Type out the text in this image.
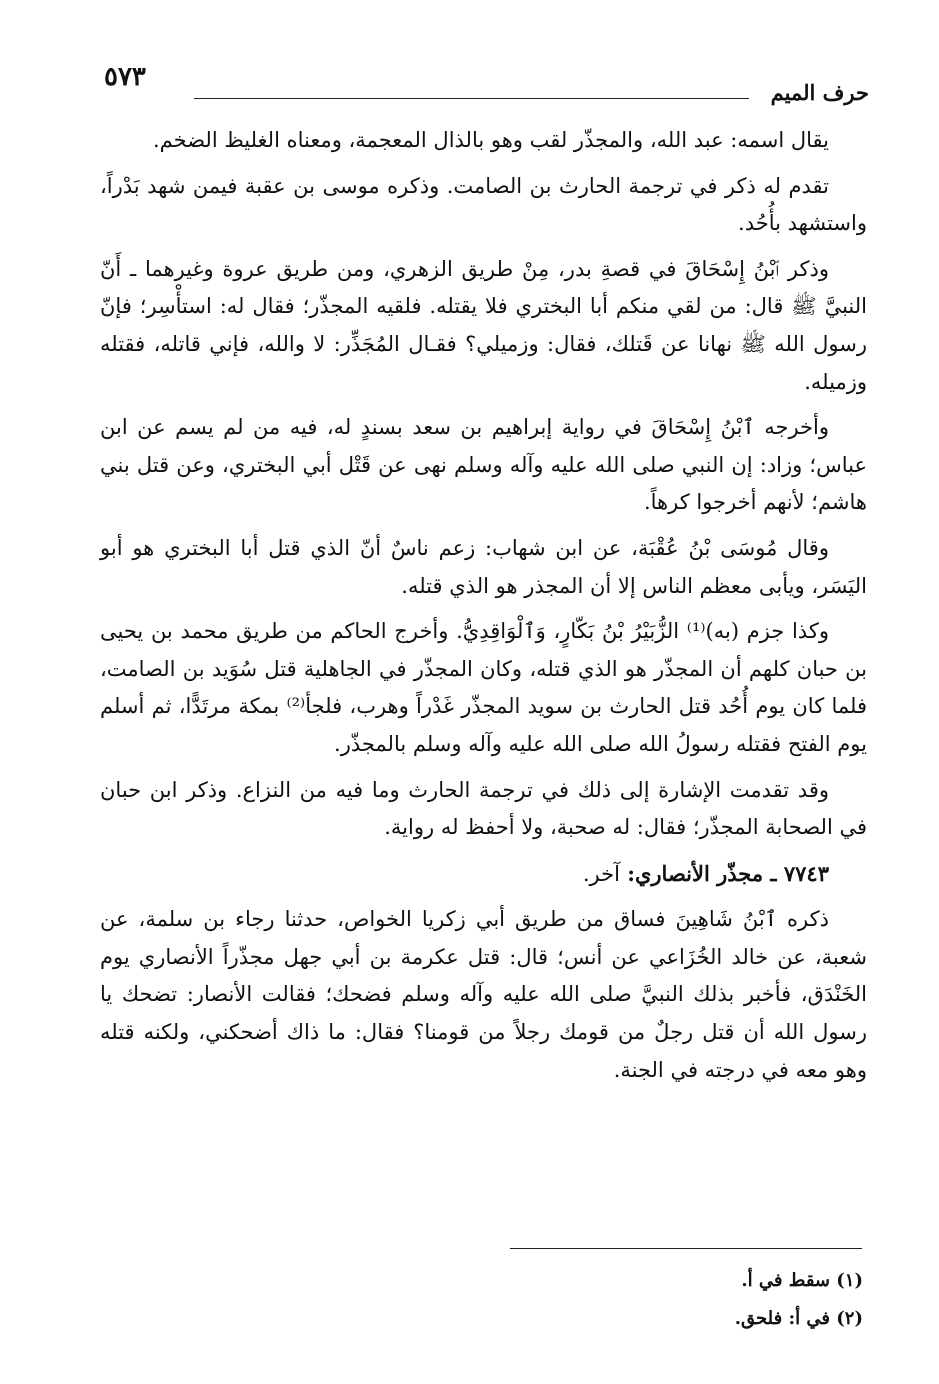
حرف الميم
٥٧٣

يقال اسمه: عبد الله، والمجذّر لقب وهو بالذال المعجمة، ومعناه الغليظ الضخم.

تقدم له ذكر في ترجمة الحارث بن الصامت. وذكره موسى بن عقبة فيمن شهد بَدْراً، واستشهد بأُحُد.

وذكر ٱبْنُ إِسْحَاقَ في قصةِ بدر، مِنْ طريق الزهري، ومن طريق عروة وغيرهما ـ أَنّ النبيَّ ﷺ قال: من لقي منكم أبا البختري فلا يقتله. فلقيه المجذّر؛ فقال له: استأْسِر؛ فإنّ رسول الله ﷺ نهانا عن قَتلك، فقال: وزميلي؟ فقـال المُجَذِّر: لا والله، فإني قاتله، فقتله وزميله.

وأخرجه ٱبْنُ إِسْحَاقَ في رواية إبراهيم بن سعد بسندٍ له، فيه من لم يسم عن ابن عباس؛ وزاد: إن النبي صلى الله عليه وآله وسلم نهى عن قَتْل أبي البختري، وعن قتل بني هاشم؛ لأنهم أخرجوا كرهاً.

وقال مُوسَى بْنُ عُقْبَة، عن ابن شهاب: زعم ناسٌ أنّ الذي قتل أبا البختري هو أبو اليَسَر، ويأبى معظم الناس إلا أن المجذر هو الذي قتله.

وكذا جزم (به)⁽¹⁾ الزُّبَيْرُ بْنُ بَكّارٍ، وَٱلْوَاقِدِيُّ. وأخرج الحاكم من طريق محمد بن يحيى بن حبان كلهم أن المجذّر هو الذي قتله، وكان المجذّر في الجاهلية قتل سُوَيد بن الصامت، فلما كان يوم أُحُد قتل الحارث بن سويد المجذّر غَدْراً وهرب، فلجأ⁽²⁾ بمكة مرتَدًّا، ثم أسلم يوم الفتح فقتله رسولُ الله صلى الله عليه وآله وسلم بالمجذّر.

وقد تقدمت الإشارة إلى ذلك في ترجمة الحارث وما فيه من النزاع. وذكر ابن حبان في الصحابة المجذّر؛ فقال: له صحبة، ولا أحفظ له رواية.

٧٧٤٣ ـ مجذّر الأنصاري: آخر.

ذكره ٱبْنُ شَاهِينَ فساق من طريق أبي زكريا الخواص، حدثنا رجاء بن سلمة، عن شعبة، عن خالد الخُزَاعي عن أنس؛ قال: قتل عكرمة بن أبي جهل مجذّراً الأنصاري يوم الخَنْدَق، فأخبر بذلك النبيَّ صلى الله عليه وآله وسلم فضحك؛ فقالت الأنصار: تضحك يا رسول الله أن قتل رجلٌ من قومك رجلاً من قومنا؟ فقال: ما ذاك أضحكني، ولكنه قتله وهو معه في درجته في الجنة.

(١) سقط في أ.

(٢) في أ: فلحق.
